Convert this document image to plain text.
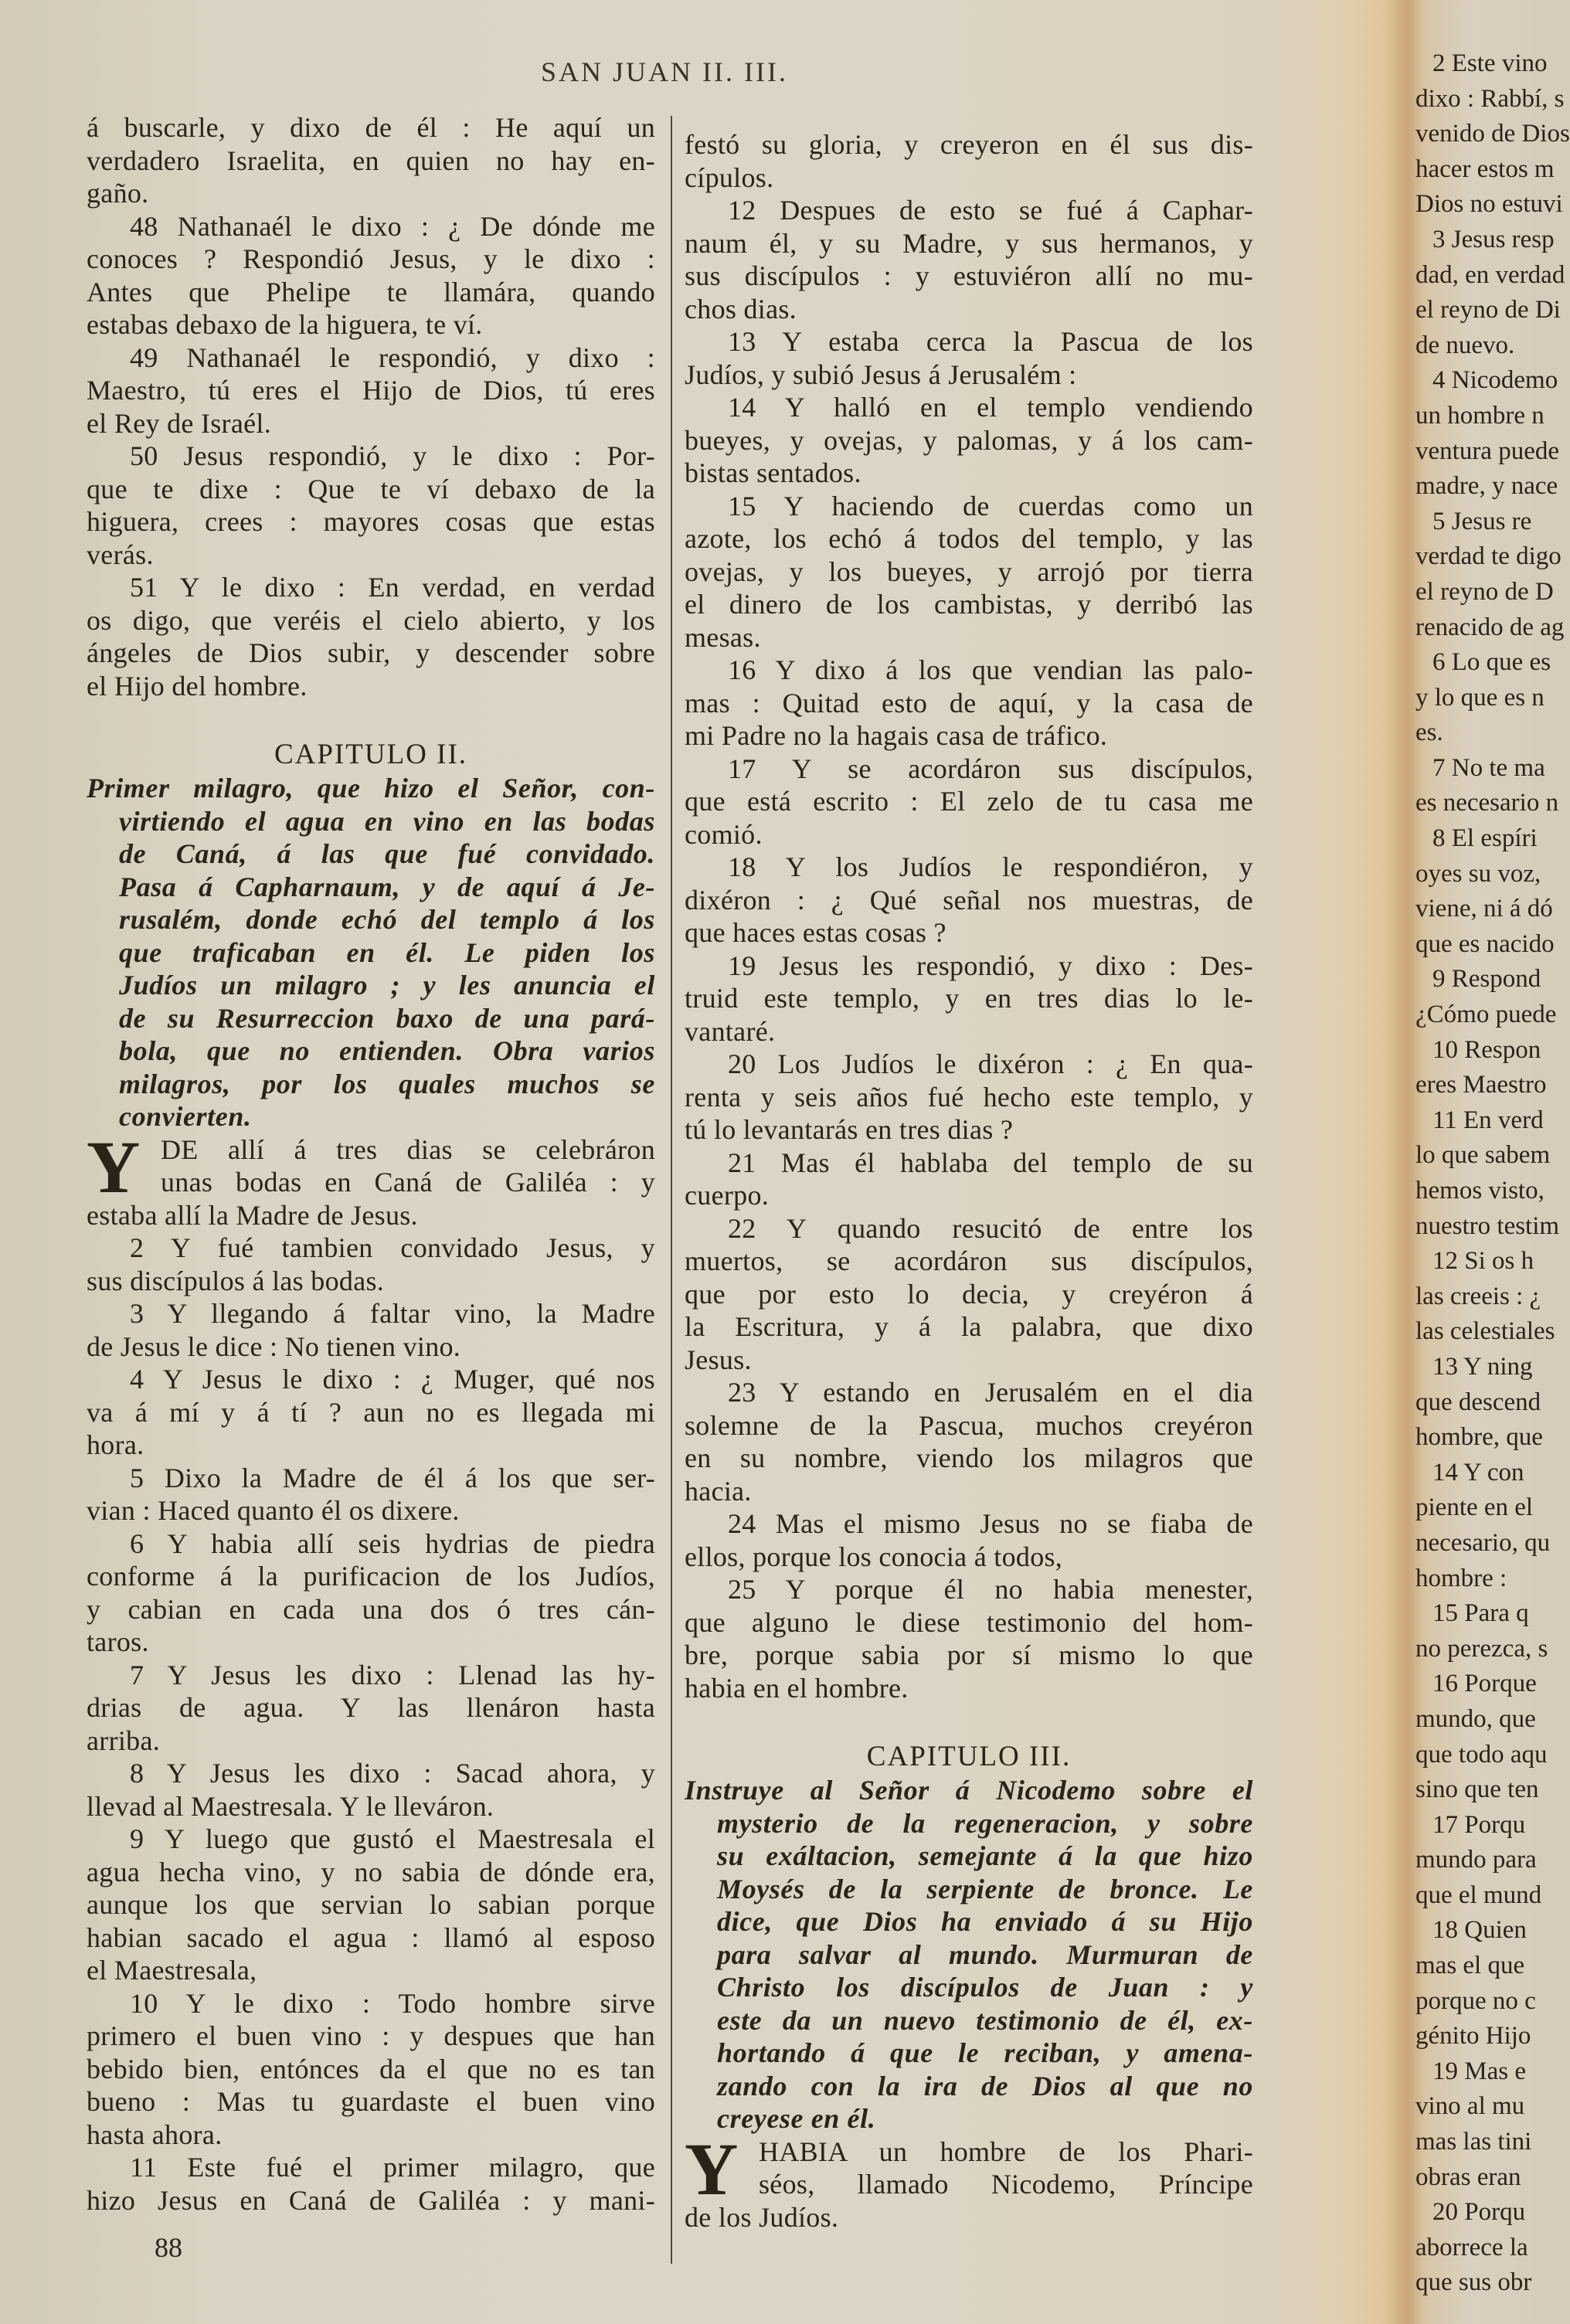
SAN JUAN II. III.
á buscarle, y dixo de él : He aquí un
verdadero Israelita, en quien no hay en-
gaño.
48 Nathanaél le dixo : ¿ De dónde me
conoces ? Respondió Jesus, y le dixo :
Antes que Phelipe te llamára, quando
estabas debaxo de la higuera, te ví.
49 Nathanaél le respondió, y dixo :
Maestro, tú eres el Hijo de Dios, tú eres
el Rey de Israél.
50 Jesus respondió, y le dixo : Por-
que te dixe : Que te ví debaxo de la
higuera, crees : mayores cosas que estas
verás.
51 Y le dixo : En verdad, en verdad
os digo, que veréis el cielo abierto, y los
ángeles de Dios subir, y descender sobre
el Hijo del hombre.
CAPITULO II.
Primer milagro, que hizo el Señor, con-
virtiendo el agua en vino en las bodas
de Caná, á las que fué convidado.
Pasa á Capharnaum, y de aquí á Je-
rusalém, donde echó del templo á los
que traficaban en él. Le piden los
Judíos un milagro ; y les anuncia el
de su Resurreccion baxo de una pará-
bola, que no entienden. Obra varios
milagros, por los quales muchos se
convierten.
Y DE allí á tres dias se celebráron
unas bodas en Caná de Galiléa : y
estaba allí la Madre de Jesus.
2 Y fué tambien convidado Jesus, y
sus discípulos á las bodas.
3 Y llegando á faltar vino, la Madre
de Jesus le dice : No tienen vino.
4 Y Jesus le dixo : ¿ Muger, qué nos
va á mí y á tí ? aun no es llegada mi
hora.
5 Dixo la Madre de él á los que ser-
vian : Haced quanto él os dixere.
6 Y habia allí seis hydrias de piedra
conforme á la purificacion de los Judíos,
y cabian en cada una dos ó tres cán-
taros.
7 Y Jesus les dixo : Llenad las hy-
drias de agua. Y las llenáron hasta
arriba.
8 Y Jesus les dixo : Sacad ahora, y
llevad al Maestresala. Y le lleváron.
9 Y luego que gustó el Maestresala el
agua hecha vino, y no sabia de dónde era,
aunque los que servian lo sabian porque
habian sacado el agua : llamó al esposo
el Maestresala,
10 Y le dixo : Todo hombre sirve
primero el buen vino : y despues que han
bebido bien, entónces da el que no es tan
bueno : Mas tu guardaste el buen vino
hasta ahora.
11 Este fué el primer milagro, que
hizo Jesus en Caná de Galiléa : y mani-
festó su gloria, y creyeron en él sus dis-
cípulos.
12 Despues de esto se fué á Caphar-
naum él, y su Madre, y sus hermanos, y
sus discípulos : y estuviéron allí no mu-
chos dias.
13 Y estaba cerca la Pascua de los
Judíos, y subió Jesus á Jerusalém :
14 Y halló en el templo vendiendo
bueyes, y ovejas, y palomas, y á los cam-
bistas sentados.
15 Y haciendo de cuerdas como un
azote, los echó á todos del templo, y las
ovejas, y los bueyes, y arrojó por tierra
el dinero de los cambistas, y derribó las
mesas.
16 Y dixo á los que vendian las palo-
mas : Quitad esto de aquí, y la casa de
mi Padre no la hagais casa de tráfico.
17 Y se acordáron sus discípulos,
que está escrito : El zelo de tu casa me
comió.
18 Y los Judíos le respondiéron, y
dixéron : ¿ Qué señal nos muestras, de
que haces estas cosas ?
19 Jesus les respondió, y dixo : Des-
truid este templo, y en tres dias lo le-
vantaré.
20 Los Judíos le dixéron : ¿ En qua-
renta y seis años fué hecho este templo, y
tú lo levantarás en tres dias ?
21 Mas él hablaba del templo de su
cuerpo.
22 Y quando resucitó de entre los
muertos, se acordáron sus discípulos,
que por esto lo decia, y creyéron á
la Escritura, y á la palabra, que dixo
Jesus.
23 Y estando en Jerusalém en el dia
solemne de la Pascua, muchos creyéron
en su nombre, viendo los milagros que
hacia.
24 Mas el mismo Jesus no se fiaba de
ellos, porque los conocia á todos,
25 Y porque él no habia menester,
que alguno le diese testimonio del hom-
bre, porque sabia por sí mismo lo que
habia en el hombre.
CAPITULO III.
Instruye al Señor á Nicodemo sobre el
mysterio de la regeneracion, y sobre
su exáltacion, semejante á la que hizo
Moysés de la serpiente de bronce. Le
dice, que Dios ha enviado á su Hijo
para salvar al mundo. Murmuran de
Christo los discípulos de Juan : y
este da un nuevo testimonio de él, ex-
hortando á que le reciban, y amena-
zando con la ira de Dios al que no
creyese en él.
Y HABIA un hombre de los Phari-
séos, llamado Nicodemo, Príncipe
de los Judíos.
88
2 Este vino
dixo : Rabbí, s
venido de Dios
hacer estos m
Dios no estuvi
3 Jesus resp
dad, en verdad
el reyno de Di
de nuevo.
4 Nicodemo
un hombre n
ventura puede
madre, y nace
5 Jesus re
verdad te digo
el reyno de D
renacido de ag
6 Lo que es
y lo que es n
es.
7 No te ma
es necesario n
8 El espíri
oyes su voz,
viene, ni á dó
que es nacido
9 Respond
¿Cómo puede
10 Respon
eres Maestro
11 En verd
lo que sabem
hemos visto,
nuestro testim
12 Si os h
las creeis : ¿
las celestiales
13 Y ning
que descend
hombre, que
14 Y con
piente en el
necesario, qu
hombre :
15 Para q
no perezca, s
16 Porque
mundo, que
que todo aqu
sino que ten
17 Porqu
mundo para
que el mund
18 Quien
mas el que
porque no c
génito Hijo
19 Mas e
vino al mu
mas las tini
obras eran
20 Porqu
aborrece la
que sus obr
